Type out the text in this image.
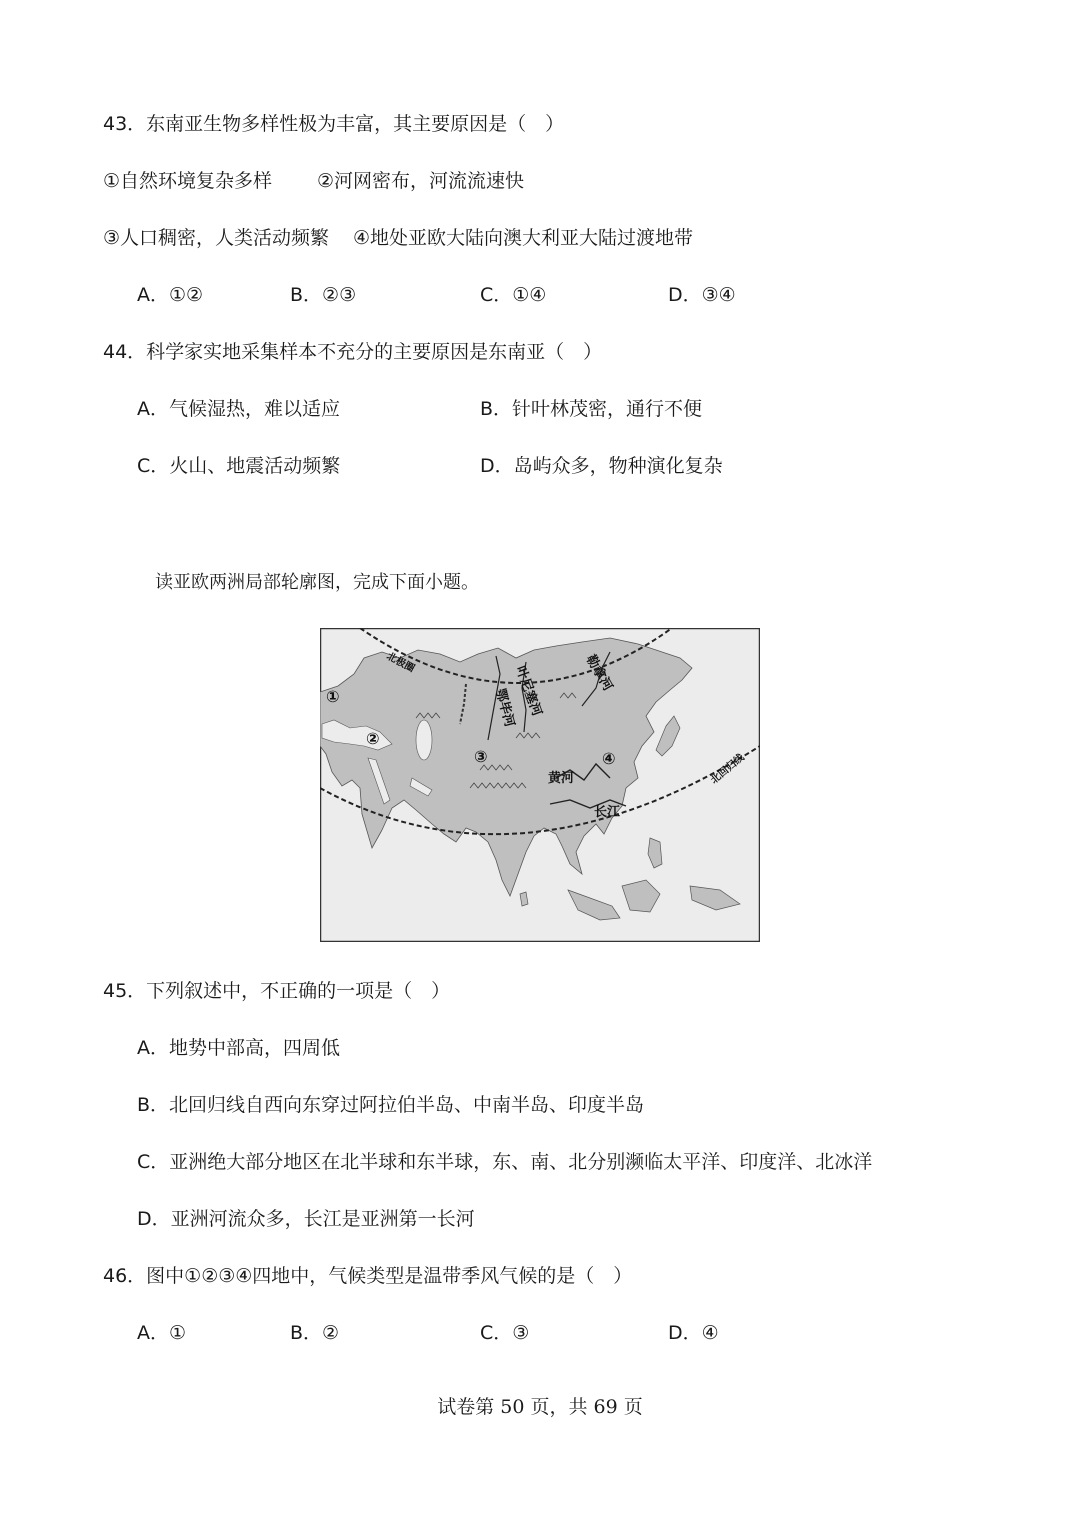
43．东南亚生物多样性极为丰富，其主要原因是（　）
①自然环境复杂多样 ②河网密布，河流流速快
③人口稠密，人类活动频繁 ④地处亚欧大陆向澳大利亚大陆过渡地带
A．①②	B．②③	C．①④	D．③④
44．科学家实地采集样本不充分的主要原因是东南亚（　）
A．气候湿热，难以适应	B．针叶林茂密，通行不便
C．火山、地震活动频繁	D．岛屿众多，物种演化复杂
读亚欧两洲局部轮廓图，完成下面小题。
北极圈
北回归线
叶尼塞河
鄂毕河
勒拿河
黄河
长江
①
②
③	④
45．下列叙述中，不正确的一项是（　）
A．地势中部高，四周低
B．北回归线自西向东穿过阿拉伯半岛、中南半岛、印度半岛
C．亚洲绝大部分地区在北半球和东半球，东、南、北分别濒临太平洋、印度洋、北冰洋
D．亚洲河流众多，长江是亚洲第一长河
46．图中①②③④四地中，气候类型是温带季风气候的是（　）
A．①	B．②	C．③	D．④
试卷第 50 页，共 69 页
